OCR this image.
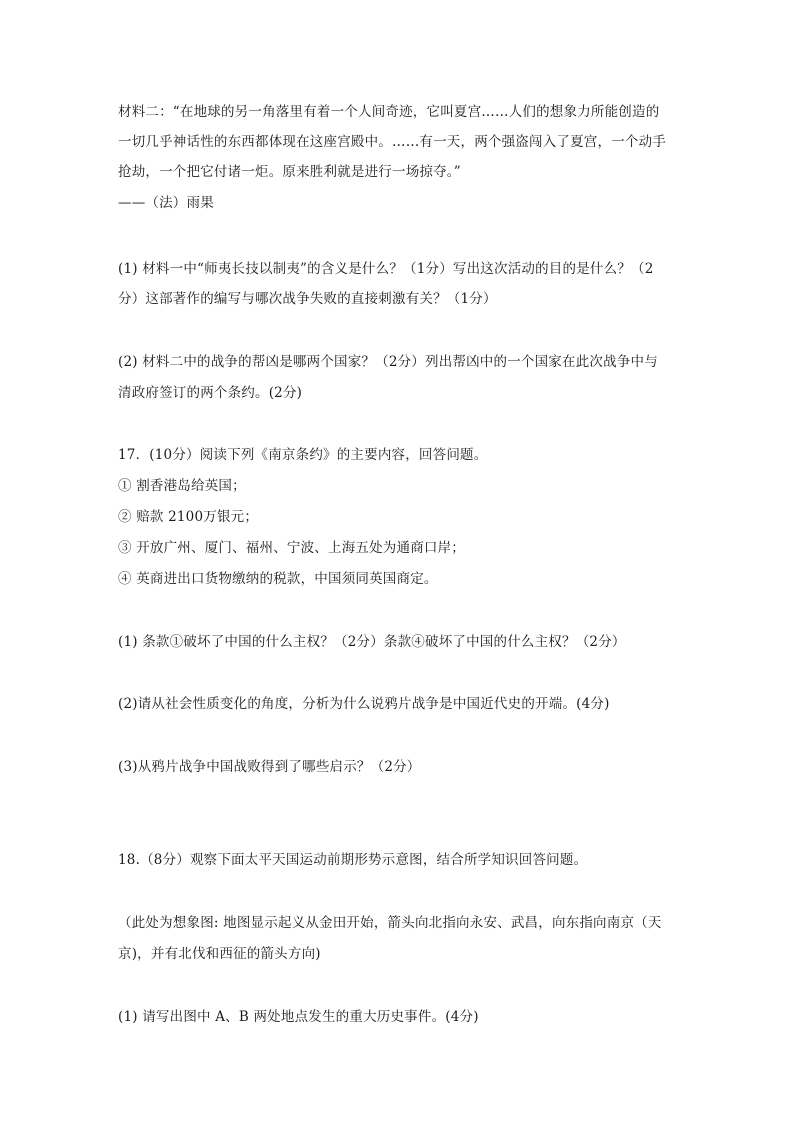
材料二：“在地球的另一角落里有着一个人间奇迹，它叫夏宫……人们的想象力所能创造的
一切几乎神话性的东西都体现在这座宫殿中。……有一天，两个强盗闯入了夏宫，一个动手
抢劫，一个把它付诸一炬。原来胜利就是进行一场掠夺。”
——（法）雨果
(1) 材料一中“师夷长技以制夷”的含义是什么？（1分）写出这次活动的目的是什么？（2
分）这部著作的编写与哪次战争失败的直接刺激有关？（1分）
(2) 材料二中的战争的帮凶是哪两个国家？（2分）列出帮凶中的一个国家在此次战争中与
清政府签订的两个条约。(2分)
17．(10分）阅读下列《南京条约》的主要内容，回答问题。
① 割香港岛给英国；
② 赔款 2100万银元；
③ 开放广州、厦门、福州、宁波、上海五处为通商口岸；
④ 英商进出口货物缴纳的税款，中国须同英国商定。
(1) 条款①破坏了中国的什么主权？（2分）条款④破坏了中国的什么主权？（2分）
(2)请从社会性质变化的角度，分析为什么说鸦片战争是中国近代史的开端。(4分)
(3)从鸦片战争中国战败得到了哪些启示？（2分）
18.（8分）观察下面太平天国运动前期形势示意图，结合所学知识回答问题。
（此处为想象图: 地图显示起义从金田开始，箭头向北指向永安、武昌，向东指向南京（天
京)，并有北伐和西征的箭头方向)
(1) 请写出图中 A、B 两处地点发生的重大历史事件。(4分)
